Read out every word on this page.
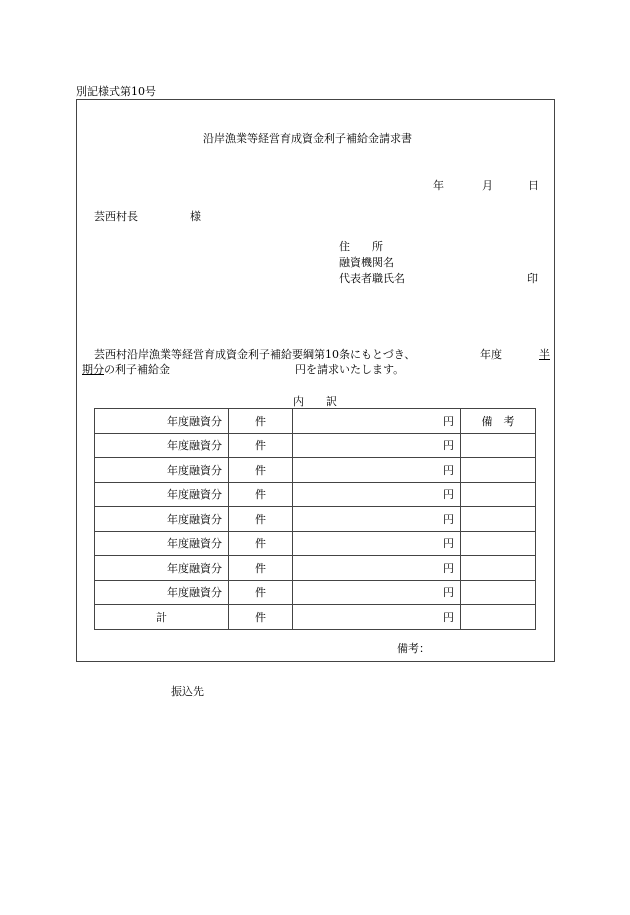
別記様式第10号
沿岸漁業等経営育成資金利子補給金請求書
年	月	日
芸西村長	様
住　　所
融資機関名
代表者職氏名	印
芸西村沿岸漁業等経営育成資金利子補給要綱第10条にもとづき、	年度	半
期分 の利子補給金	円を請求いたします。
内　　訳
年度融資分	件	円	備　考
年度融資分	件	円	
年度融資分	件	円	
年度融資分	件	円	
年度融資分	件	円	
年度融資分	件	円	
年度融資分	件	円	
年度融資分	件	円	
計	件	円	
備考：
振込先
